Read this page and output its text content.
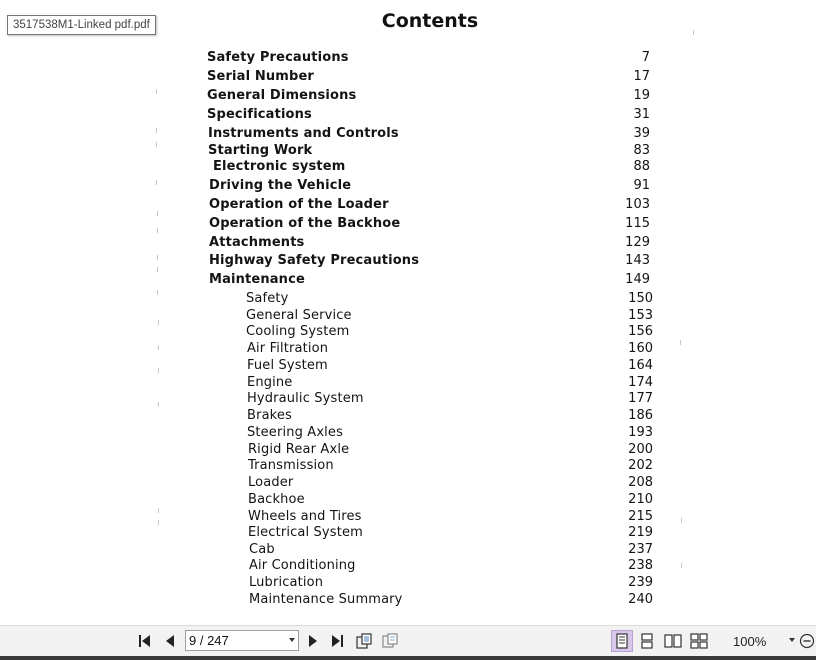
Contents
Safety Precautions	7
Serial Number	17
General Dimensions	19
Specifications	31
Instruments and Controls	39
Starting Work	83
Electronic system	88
Driving the Vehicle	91
Operation of the Loader	103
Operation of the Backhoe	115
Attachments	129
Highway Safety Precautions	143
Maintenance	149
Safety	150
General Service	153
Cooling System	156
Air Filtration	160
Fuel System	164
Engine	174
Hydraulic System	177
Brakes	186
Steering Axles	193
Rigid Rear Axle	200
Transmission	202
Loader	208
Backhoe	210
Wheels and Tires	215
Electrical System	219
Cab	237
Air Conditioning	238
Lubrication	239
Maintenance Summary	240
3517538M1-Linked pdf.pdf
9 / 247
100%
